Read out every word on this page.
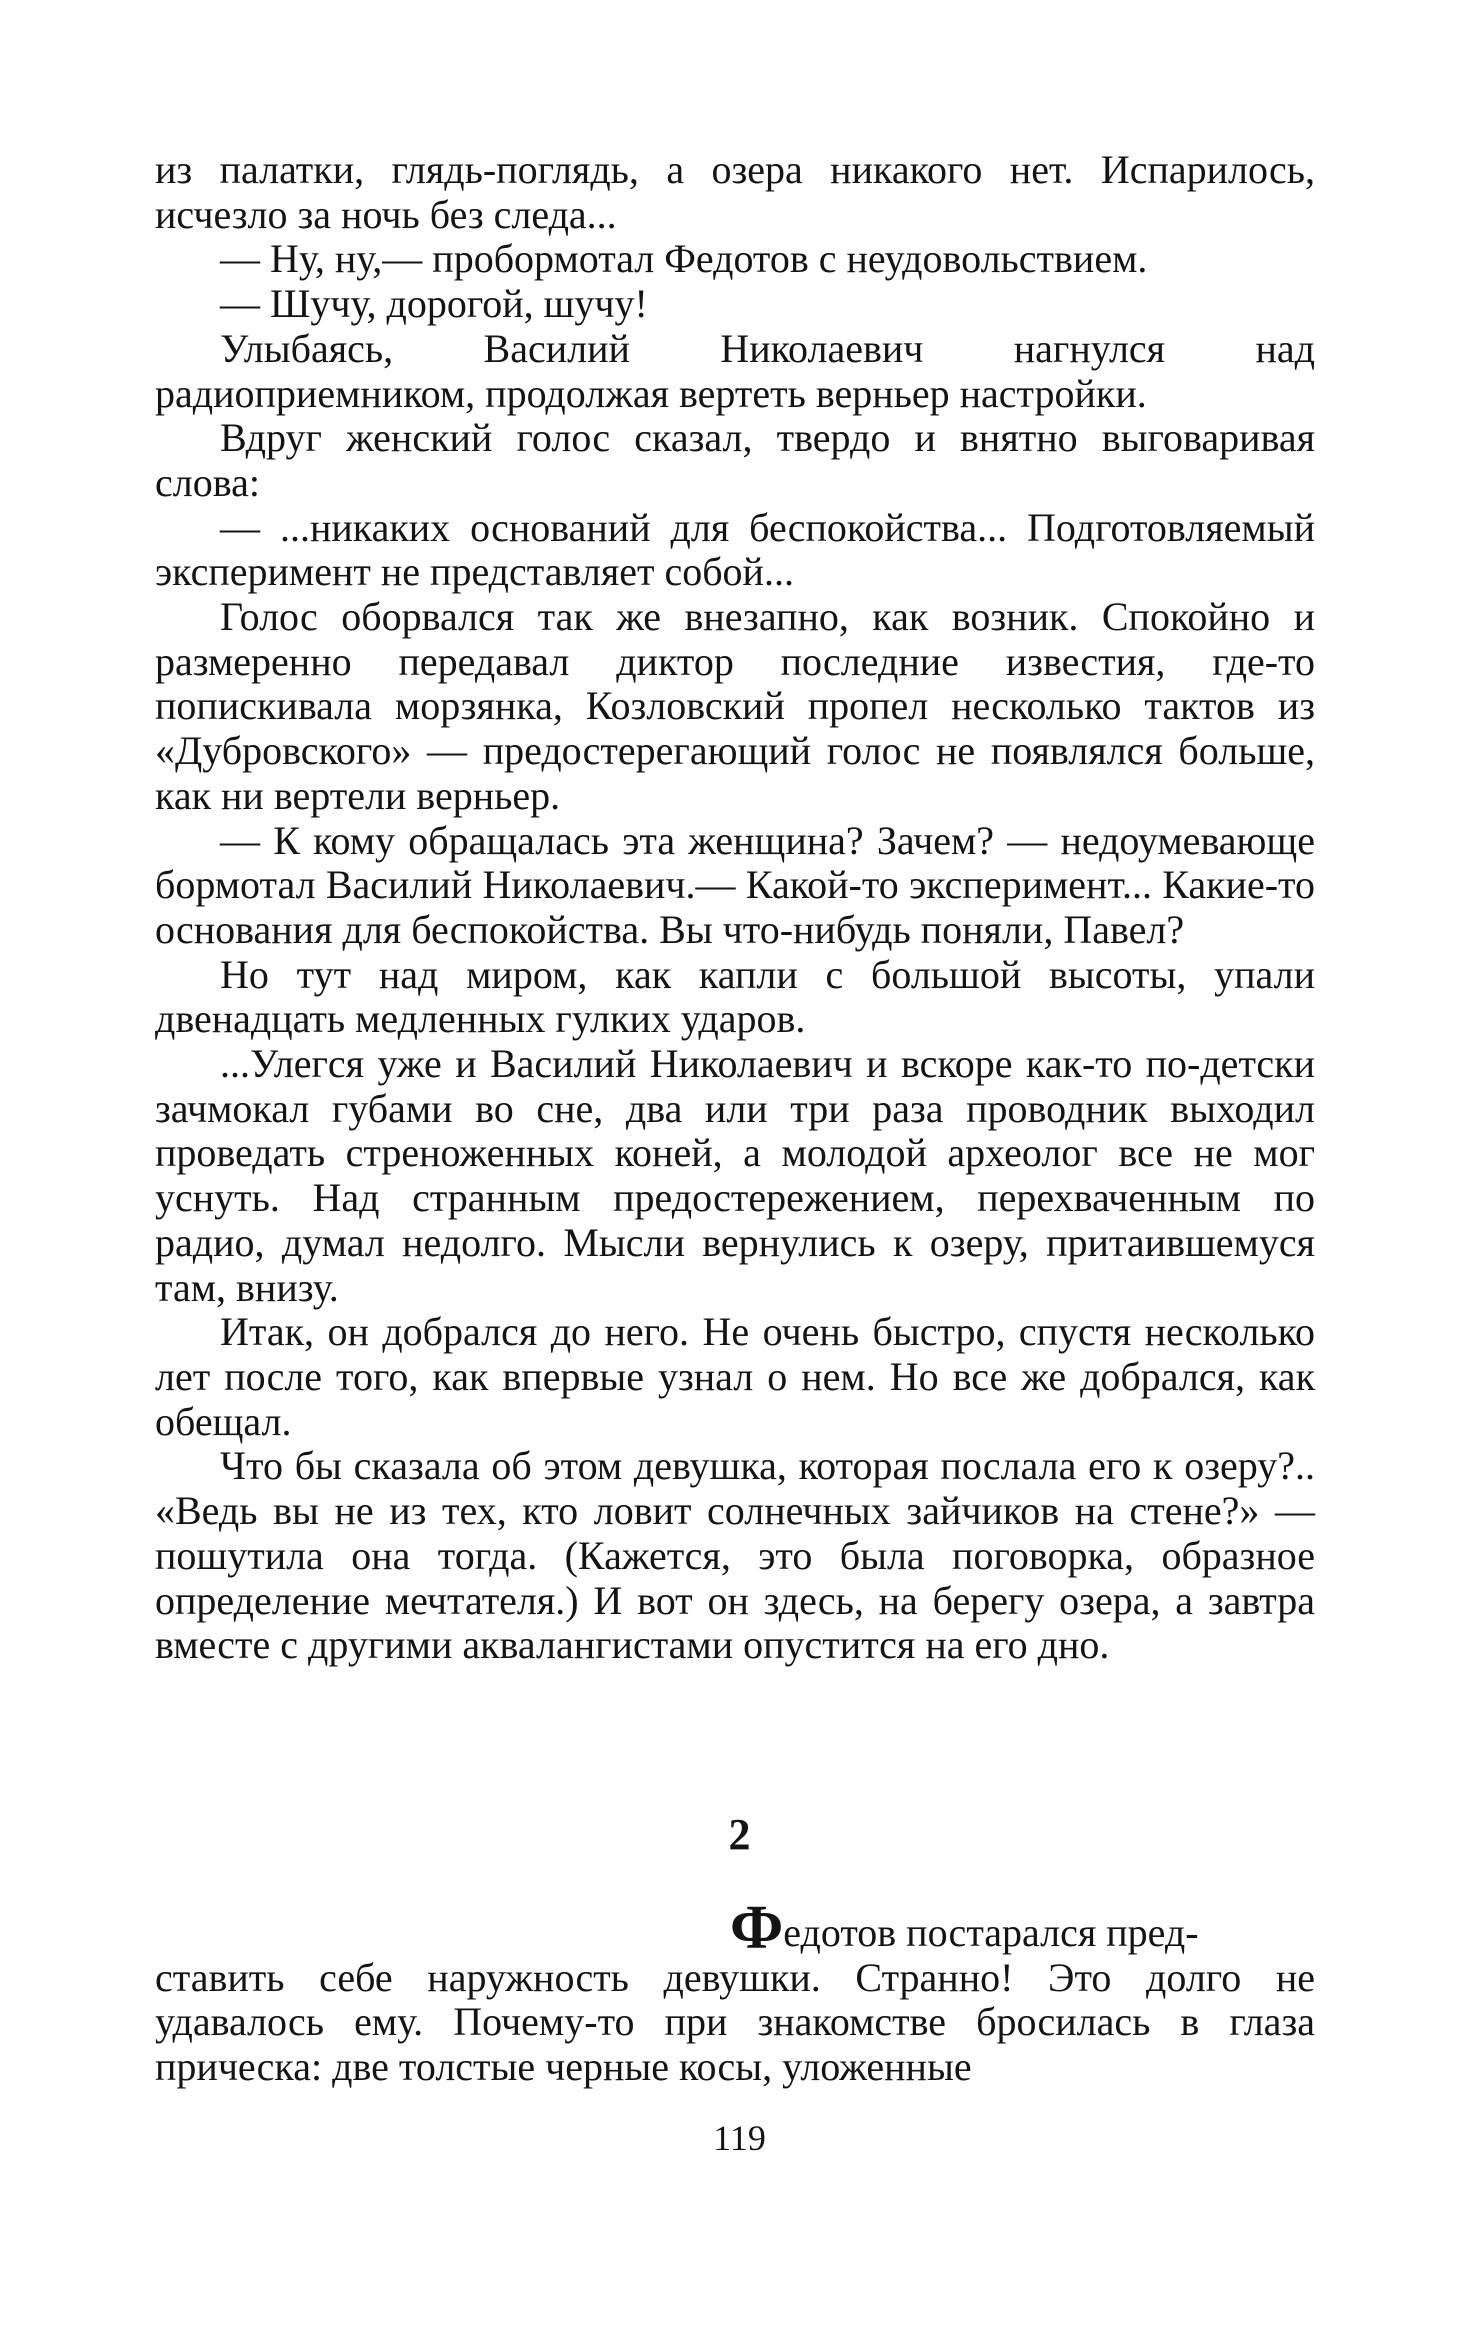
из палатки, глядь-поглядь, а озера никакого нет. Испарилось, исчезло за ночь без следа...

— Ну, ну,— пробормотал Федотов с неудовольствием.

— Шучу, дорогой, шучу!

Улыбаясь, Василий Николаевич нагнулся над радиоприемником, продолжая вертеть верньер настройки.

Вдруг женский голос сказал, твердо и внятно выговаривая слова:

— ...никаких оснований для беспокойства... Подготовляемый эксперимент не представляет собой...

Голос оборвался так же внезапно, как возник. Спокойно и размеренно передавал диктор последние известия, где-то попискивала морзянка, Козловский пропел несколько тактов из «Дубровского» — предостерегающий голос не появлялся больше, как ни вертели верньер.

— К кому обращалась эта женщина? Зачем? — недоумевающе бормотал Василий Николаевич.— Какой-то эксперимент... Какие-то основания для беспокойства. Вы что-нибудь поняли, Павел?

Но тут над миром, как капли с большой высоты, упали двенадцать медленных гулких ударов.

...Улегся уже и Василий Николаевич и вскоре как-то по-детски зачмокал губами во сне, два или три раза проводник выходил проведать стреноженных коней, а молодой археолог все не мог уснуть. Над странным предостережением, перехваченным по радио, думал недолго. Мысли вернулись к озеру, притаившемуся там, внизу.

Итак, он добрался до него. Не очень быстро, спустя несколько лет после того, как впервые узнал о нем. Но все же добрался, как обещал.

Что бы сказала об этом девушка, которая послала его к озеру?.. «Ведь вы не из тех, кто ловит солнечных зайчиков на стене?» — пошутила она тогда. (Кажется, это была поговорка, образное определение мечтателя.) И вот он здесь, на берегу озера, а завтра вместе с другими аквалангистами опустится на его дно.

2
Федотов постарался пред-
ставить себе наружность девушки. Странно! Это долго не удавалось ему. Почему-то при знакомстве бросилась в глаза прическа: две толстые черные косы, уложенные
119
